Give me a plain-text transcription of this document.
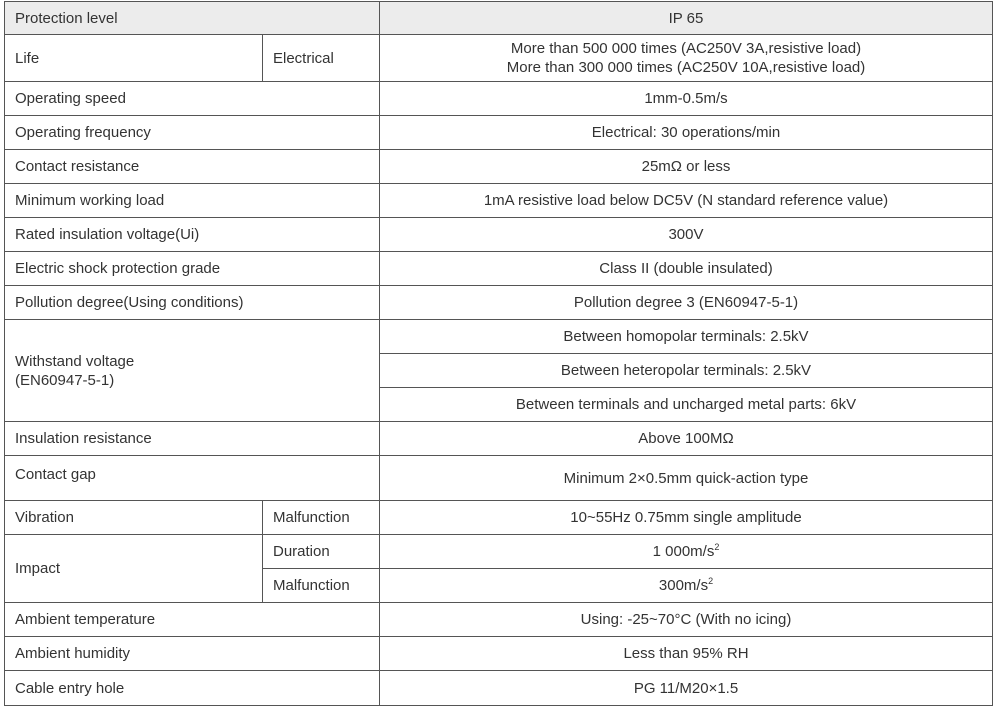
Protection level		IP 65
Life	Electrical	More than 500 000 times (AC250V 3A,resistive load)
More than 300 000 times (AC250V 10A,resistive load)

Operating speed		1mm-0.5m/s
Operating frequency		Electrical: 30 operations/min
Contact resistance		25mΩ or less
Minimum working load		1mA resistive load below DC5V (N standard reference value)
Rated insulation voltage(Ui)		300V
Electric shock protection grade		Class II (double insulated)
Pollution degree(Using conditions)		Pollution degree 3 (EN60947-5-1)

Withstand voltage
(EN60947-5-1)		Between homopolar terminals: 2.5kV
		Between heteropolar terminals: 2.5kV
		Between terminals and uncharged metal parts: 6kV
Insulation resistance		Above 100MΩ
Contact gap		Minimum 2×0.5mm quick-action type
Vibration	Malfunction	10~55Hz 0.75mm single amplitude
Impact	Duration	1 $000m/s^2$
	Malfunction	$300m/s^2$
Ambient temperature		Using: -25~70°C (With no icing)
Ambient humidity		Less than 95% RH
Cable entry hole		PG 11/M20×1.5
